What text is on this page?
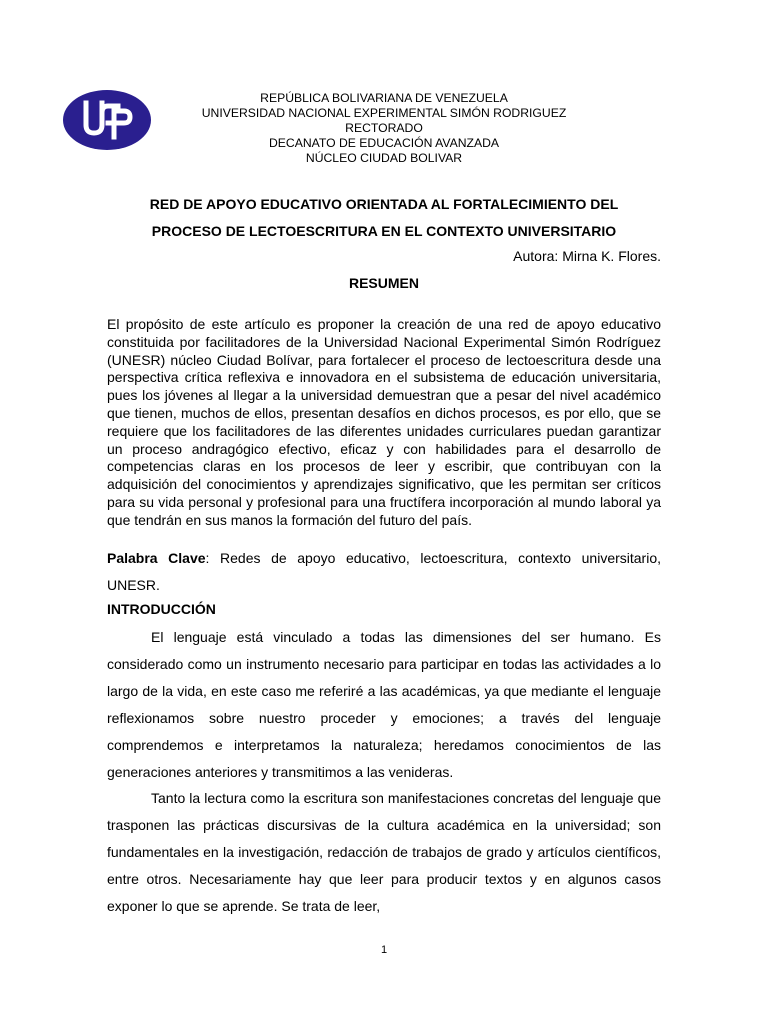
REPÚBLICA BOLIVARIANA DE VENEZUELA
UNIVERSIDAD NACIONAL EXPERIMENTAL SIMÓN RODRIGUEZ
RECTORADO
DECANATO DE EDUCACIÓN AVANZADA
NÚCLEO CIUDAD BOLIVAR
RED DE APOYO EDUCATIVO ORIENTADA AL FORTALECIMIENTO DEL
PROCESO DE LECTOESCRITURA EN EL CONTEXTO UNIVERSITARIO
Autora: Mirna K. Flores.
RESUMEN

El propósito de este artículo es proponer la creación de una red de apoyo educativo constituida por facilitadores de la Universidad Nacional Experimental Simón Rodríguez (UNESR) núcleo Ciudad Bolívar, para fortalecer el proceso de lectoescritura desde una perspectiva crítica reflexiva e innovadora en el subsistema de educación universitaria, pues los jóvenes al llegar a la universidad demuestran que a pesar del nivel académico que tienen, muchos de ellos, presentan desafíos en dichos procesos, es por ello, que se requiere que los facilitadores de las diferentes unidades curriculares puedan garantizar un proceso andragógico efectivo, eficaz y con habilidades para el desarrollo de competencias claras en los procesos de leer y escribir, que contribuyan con la adquisición del conocimientos y aprendizajes significativo, que les permitan ser críticos para su vida personal y profesional para una fructífera incorporación al mundo laboral ya que tendrán en sus manos la formación del futuro del país.

Palabra Clave: Redes de apoyo educativo, lectoescritura, contexto universitario, UNESR.

INTRODUCCIÓN

El lenguaje está vinculado a todas las dimensiones del ser humano. Es considerado como un instrumento necesario para participar en todas las actividades a lo largo de la vida, en este caso me referiré a las académicas, ya que mediante el lenguaje reflexionamos sobre nuestro proceder y emociones; a través del lenguaje comprendemos e interpretamos la naturaleza; heredamos conocimientos de las generaciones anteriores y transmitimos a las venideras.

Tanto la lectura como la escritura son manifestaciones concretas del lenguaje que trasponen las prácticas discursivas de la cultura académica en la universidad; son fundamentales en la investigación, redacción de trabajos de grado y artículos científicos, entre otros. Necesariamente hay que leer para producir textos y en algunos casos exponer lo que se aprende. Se trata de leer,

1
